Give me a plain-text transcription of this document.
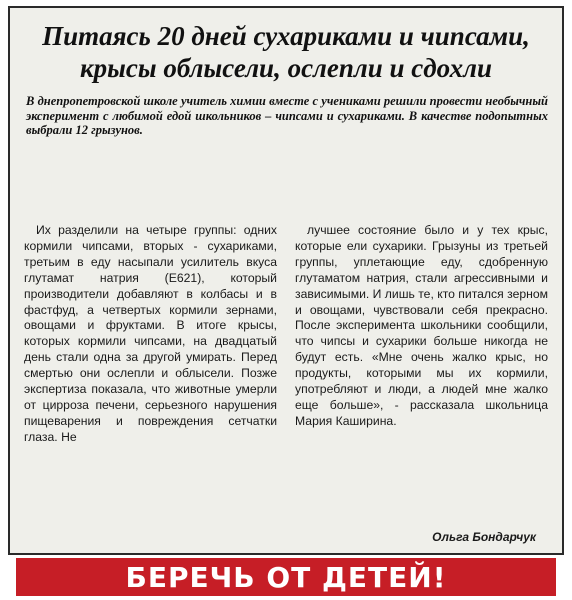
Питаясь 20 дней сухариками и чипсами, крысы облысели, ослепли и сдохли
В днепропетровской школе учитель химии вместе с учениками решили провести необычный эксперимент с любимой едой школьников – чипсами и сухариками. В качестве подопытных выбрали 12 грызунов.

Их разделили на четыре группы: одних кормили чипсами, вторых - сухариками, третьим в еду насыпали усилитель вкуса глутамат натрия (Е621), который производители добавляют в колбасы и в фастфуд, а четвертых кормили зернами, овощами и фруктами. В итоге крысы, которых кормили чипсами, на двадцатый день стали одна за другой умирать. Перед смертью они ослепли и облысели. Позже экспертиза показала, что животные умерли от цирроза печени, серьезного нарушения пищеварения и повреждения сетчатки глаза. Не

лучшее состояние было и у тех крыс, которые ели сухарики. Грызуны из третьей группы, уплетающие еду, сдобренную глутаматом натрия, стали агрессивными и зависимыми. И лишь те, кто питался зерном и овощами, чувствовали себя прекрасно. После эксперимента школьники сообщили, что чипсы и сухарики больше никогда не будут есть. «Мне очень жалко крыс, но продукты, которыми мы их кормили, употребляют и люди, а людей мне жалко еще больше», - рассказала школьница Мария Каширина.

Ольга Бондарчук
БЕРЕЧЬ ОТ ДЕТЕЙ!
